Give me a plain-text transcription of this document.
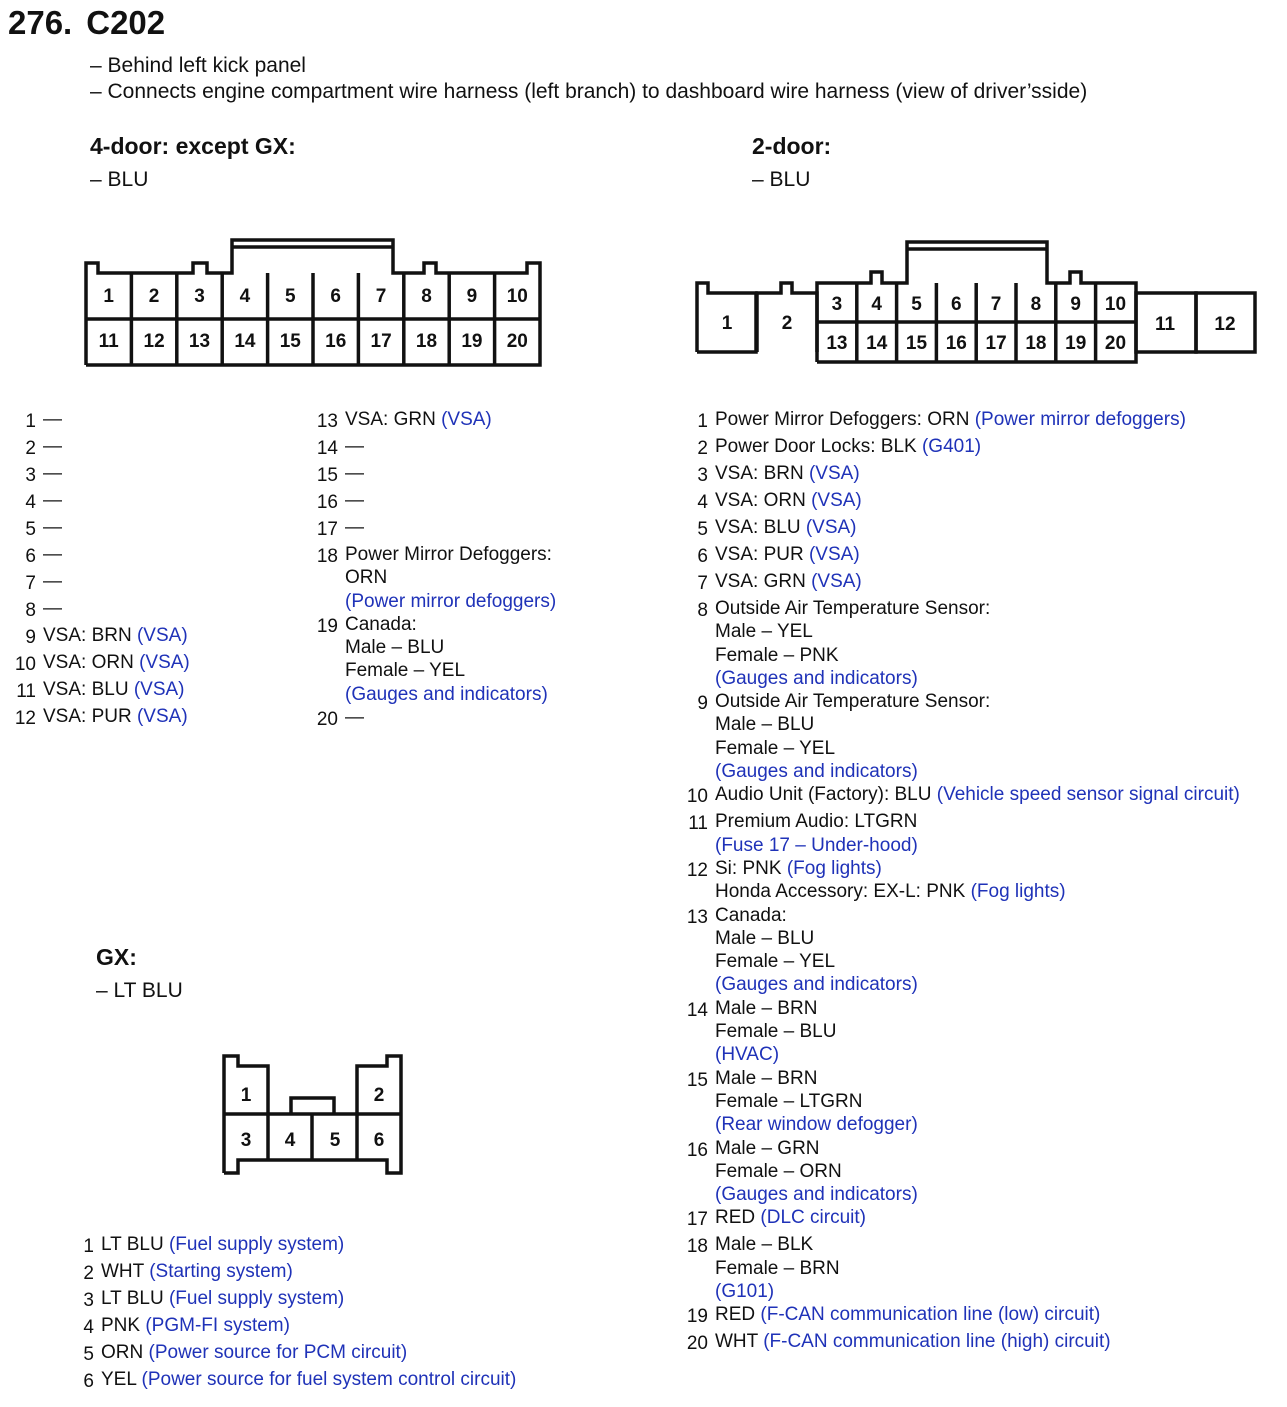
276. C202
– Behind left kick panel
– Connects engine compartment wire harness (left branch) to dashboard wire harness (view of driver’sside)
4-door: except GX:
– BLU
2-door:
– BLU
GX:
– LT BLU
1
11
2
12
3
13
4
14
5
15
6
16
7
17
8
18
9
19
10
20
1	2
3
13
4
14
5
15
6
16
7
17
8
18
9
19
10
20
11 12
1	2
3 4 5 6
1 —
2 —
3 —
4 —
5 —
6 —
7 —
8 —
9 VSA: BRN (VSA)
10 VSA: ORN (VSA)
11 VSA: BLU (VSA)
12 VSA: PUR (VSA)
13 VSA: GRN (VSA)
14 —
15 —
16 —
17 —
18 Power Mirror Defoggers:
ORN
(Power mirror defoggers)
19 Canada:
Male – BLU
Female – YEL
(Gauges and indicators)
20 —
1 Power Mirror Defoggers: ORN (Power mirror defoggers)
2 Power Door Locks: BLK (G401)
3 VSA: BRN (VSA)
4 VSA: ORN (VSA)
5 VSA: BLU (VSA)
6 VSA: PUR (VSA)
7 VSA: GRN (VSA)
8 Outside Air Temperature Sensor:
Male – YEL
Female – PNK
(Gauges and indicators)
9 Outside Air Temperature Sensor:
Male – BLU
Female – YEL
(Gauges and indicators)
10 Audio Unit (Factory): BLU (Vehicle speed sensor signal circuit)
11 Premium Audio: LTGRN
(Fuse 17 – Under-hood)
12 Si: PNK (Fog lights)
Honda Accessory: EX-L: PNK (Fog lights)
13 Canada:
Male – BLU
Female – YEL
(Gauges and indicators)
14 Male – BRN
Female – BLU
(HVAC)
15 Male – BRN
Female – LTGRN
(Rear window defogger)
16 Male – GRN
Female – ORN
(Gauges and indicators)
17 RED (DLC circuit)
18 Male – BLK
Female – BRN
(G101)
19 RED (F-CAN communication line (low) circuit)
20 WHT (F-CAN communication line (high) circuit)
1 LT BLU (Fuel supply system)
2 WHT (Starting system)
3 LT BLU (Fuel supply system)
4 PNK (PGM-FI system)
5 ORN (Power source for PCM circuit)
6 YEL (Power source for fuel system control circuit)
